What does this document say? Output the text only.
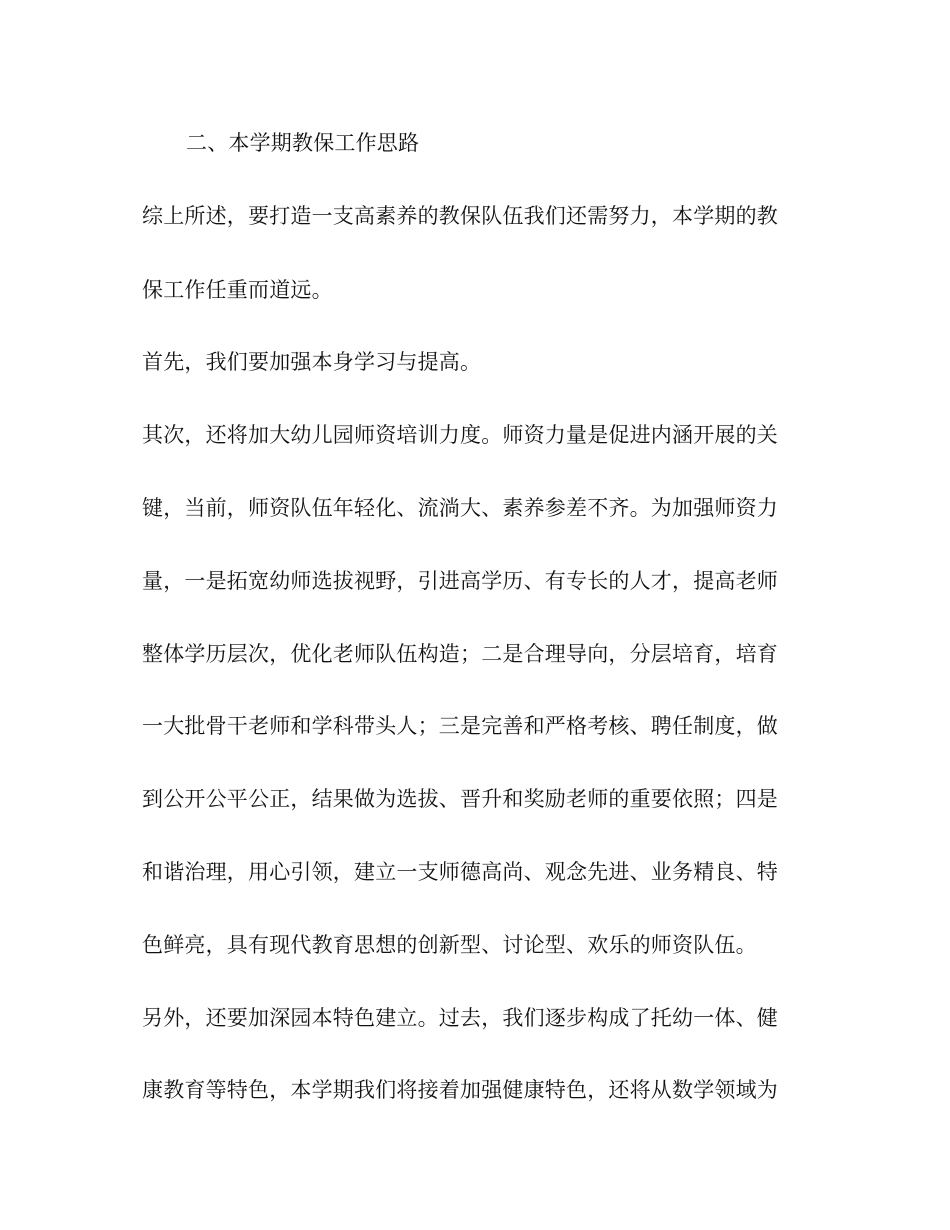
二、本学期教保工作思路
综上所述，要打造一支高素养的教保队伍我们还需努力，本学期的教
保工作任重而道远。
首先，我们要加强本身学习与提高。
其次，还将加大幼儿园师资培训力度。师资力量是促进内涵开展的关
键，当前，师资队伍年轻化、流淌大、素养参差不齐。为加强师资力
量，一是拓宽幼师选拔视野，引进高学历、有专长的人才，提高老师
整体学历层次，优化老师队伍构造；二是合理导向，分层培育，培育
一大批骨干老师和学科带头人；三是完善和严格考核、聘任制度，做
到公开公平公正，结果做为选拔、晋升和奖励老师的重要依照；四是
和谐治理，用心引领，建立一支师德高尚、观念先进、业务精良、特
色鲜亮，具有现代教育思想的创新型、讨论型、欢乐的师资队伍。
另外，还要加深园本特色建立。过去，我们逐步构成了托幼一体、健
康教育等特色，本学期我们将接着加强健康特色，还将从数学领域为
